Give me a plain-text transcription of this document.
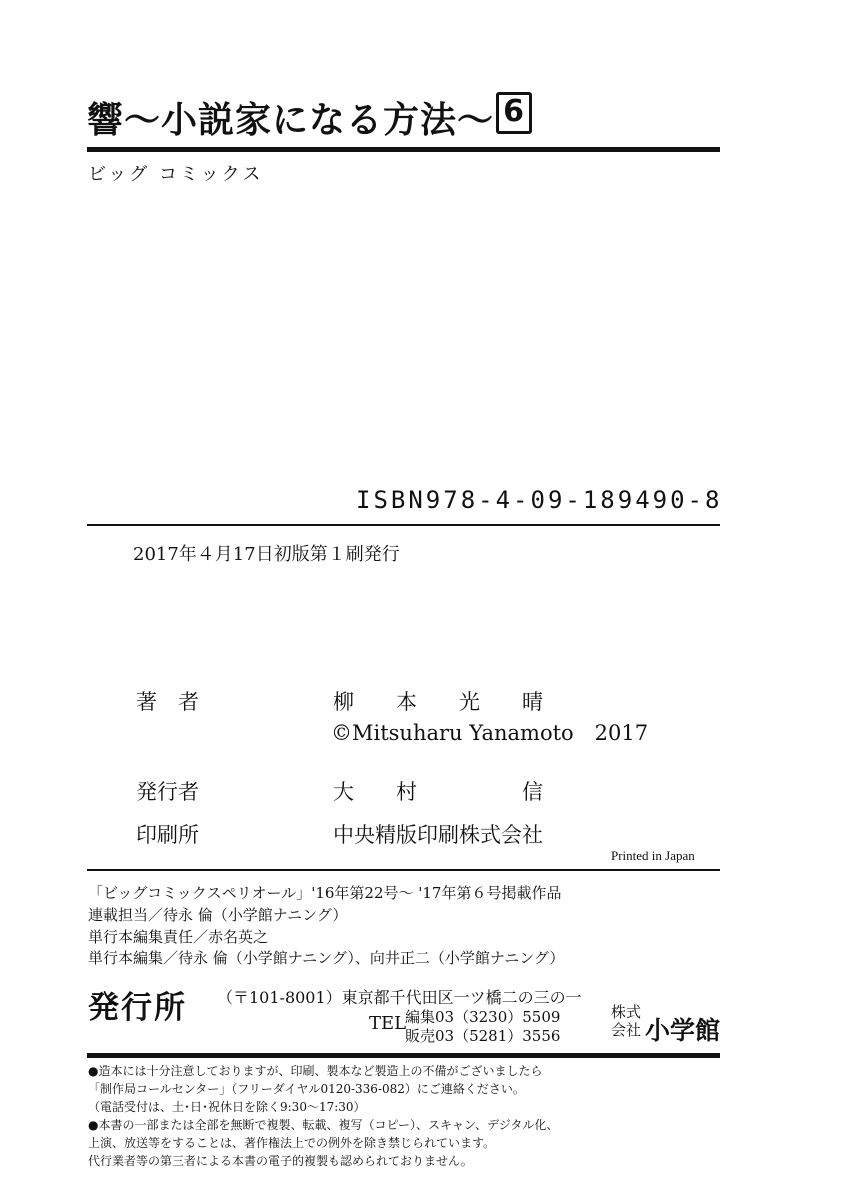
響～小説家になる方法～ 6
ビッグ コミックス
ISBN978-4-09-189490-8
2017年４月17日初版第１刷発行
著　者	柳　　本　　光　　晴
©Mitsuharu Yanamoto　2017
発行者	大　　村　　　　　信
印刷所	中央精版印刷株式会社
Printed in Japan
「ビッグコミックスペリオール」'16年第22号～ '17年第６号掲載作品
連載担当／待永 倫（小学館ナニング）
単行本編集責任／赤名英之
単行本編集／待永 倫（小学館ナニング）、向井正二（小学館ナニング）
発行所 （〒101-8001）東京都千代田区一ツ橋二の三の一
TEL
編集03（3230）5509
販売03（5281）3556
株式会社 小学館
●造本には十分注意しておりますが、印刷、製本など製造上の不備がございましたら
「制作局コールセンター」（フリーダイヤル0120-336-082）にご連絡ください。
（電話受付は、土･日･祝休日を除く9:30～17:30）
●本書の一部または全部を無断で複製、転載、複写（コピー）、スキャン、デジタル化、
上演、放送等をすることは、著作権法上での例外を除き禁じられています。
代行業者等の第三者による本書の電子的複製も認められておりません。
